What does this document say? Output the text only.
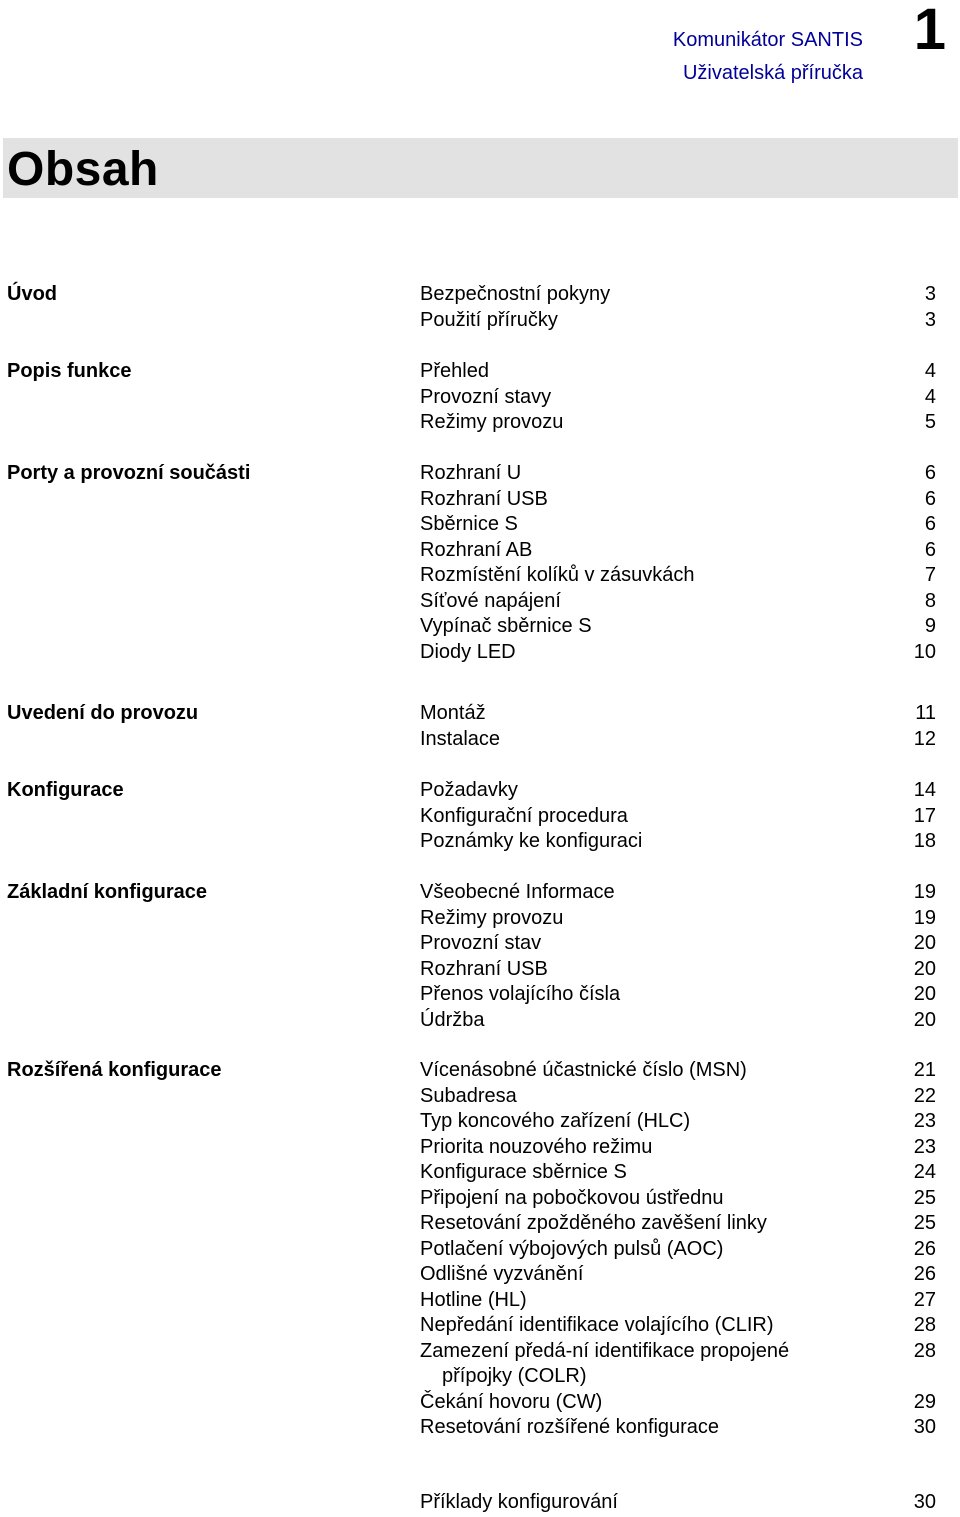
Komunikátor SANTIS
Uživatelská příručka
1
Obsah
Úvod	Bezpečnostní pokyny	3
Použití příručky	3
Popis funkce	Přehled	4
Provozní stavy	4
Režimy provozu	5
Porty a provozní součásti	Rozhraní U	6
Rozhraní USB	6
Sběrnice S	6
Rozhraní AB	6
Rozmístění kolíků v zásuvkách	7
Síťové napájení	8
Vypínač sběrnice S	9
Diody LED	10
Uvedení do provozu	Montáž	11
Instalace	12
Konfigurace	Požadavky	14
Konfigurační procedura	17
Poznámky ke konfiguraci	18
Základní konfigurace	Všeobecné Informace	19
Režimy provozu	19
Provozní stav	20
Rozhraní USB	20
Přenos volajícího čísla	20
Údržba	20
Rozšířená konfigurace	Vícenásobné účastnické číslo (MSN)	21
Subadresa	22
Typ koncového zařízení (HLC)	23
Priorita nouzového režimu	23
Konfigurace sběrnice S	24
Připojení na pobočkovou ústřednu	25
Resetování zpožděného zavěšení linky	25
Potlačení výbojových pulsů (AOC)	26
Odlišné vyzvánění	26
Hotline (HL)	27
Nepředání identifikace volajícího (CLIR)	28
Zamezení předá-ní identifikace propojené	28
přípojky (COLR)
Čekání hovoru (CW)	29
Resetování rozšířené konfigurace	30
Příklady konfigurování	30
